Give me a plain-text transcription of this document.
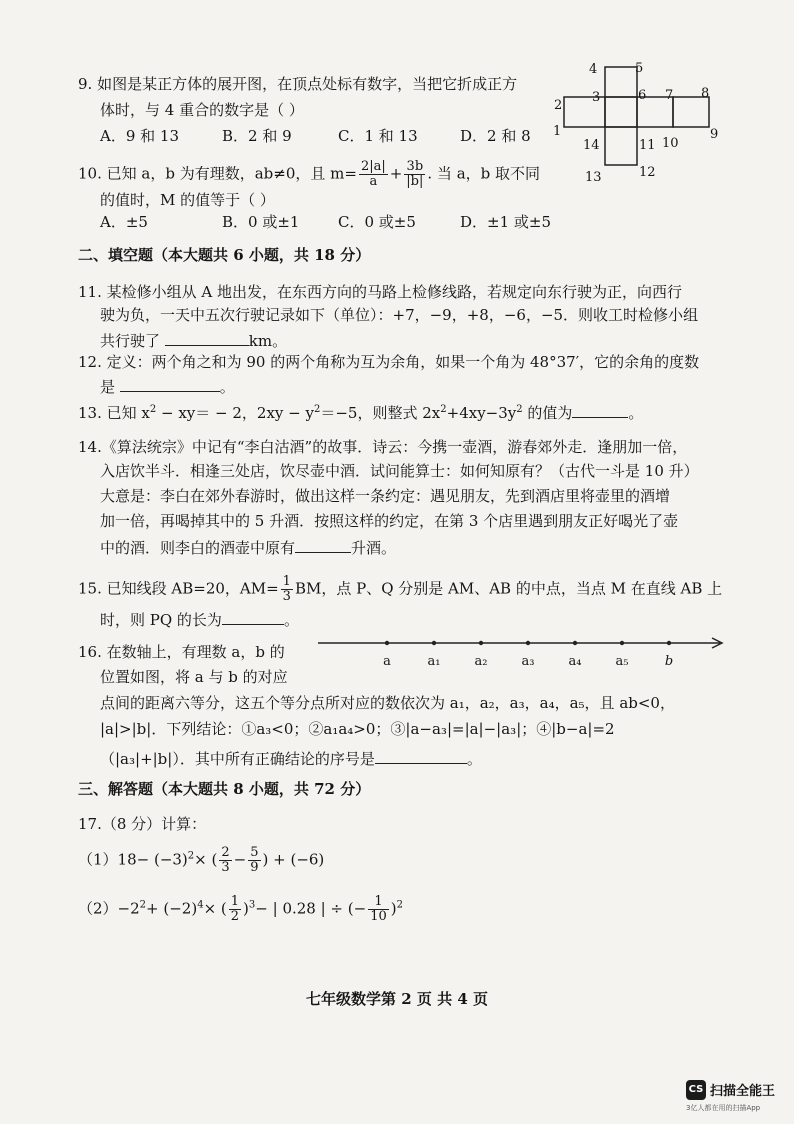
9. 如图是某正方体的展开图，在顶点处标有数字，当把它折成正方
体时，与 4 重合的数字是（ ）
A．9 和 13	B．2 和 9	C．1 和 13	D．2 和 8
4	5
2
3	6 7 8
1	9
14	11 10
13	12
10. 已知 a，b 为有理数，ab≠0，且 $m= \frac{2|a|}{a} + \frac{3b}{|b|}$ . 当 a，b 取不同
的值时，M 的值等于（ ）
A．±5	B．0 或±1	C．0 或±5	D．±1 或±5
二、填空题（本大题共 6 小题，共 18 分）
11. 某检修小组从 A 地出发，在东西方向的马路上检修线路，若规定向东行驶为正，向西行
驶为负，一天中五次行驶记录如下（单位）：+7，−9，+8，−6，−5．则收工时检修小组
共行驶了	km。
12. 定义：两个角之和为 90 的两个角称为互为余角，如果一个角为 48°37′，它的余角的度数
是	。
13. 已知 $x^2 - xy= - 2$，$2xy - y^2=-5$，则整式 $2x^2+4xy-3y^2$ 的值为	。
14.《算法统宗》中记有“李白沽酒”的故事．诗云：今携一壶酒，游春郊外走．逢朋加一倍，
入店饮半斗．相逢三处店，饮尽壶中酒．试问能算士：如何知原有？（古代一斗是 10 升）
大意是：李白在郊外春游时，做出这样一条约定：遇见朋友，先到酒店里将壶里的酒增
加一倍，再喝掉其中的 5 升酒．按照这样的约定，在第 3 个店里遇到朋友正好喝光了壶
中的酒．则李白的酒壶中原有	升酒。
15. 已知线段 AB=20，$AM= \frac{1}{3}$ BM，点 P、Q 分别是 AM、AB 的中点，当点 M 在直线 AB 上
时，则 PQ 的长为	。
16. 在数轴上，有理数 a，b 的
位置如图，将 a 与 b 的对应
a	a₁	a₂	a₃	a₄	a₅	b
点间的距离六等分，这五个等分点所对应的数依次为 a₁，a₂，a₃，a₄，a₅，且 ab<0，
|a|>|b|．下列结论：①a₃<0；②a₁a₄>0；③|a−a₃|=|a|−|a₃|；④|b−a|=2
（|a₃|+|b|）．其中所有正确结论的序号是	。
三、解答题（本大题共 8 小题，共 72 分）
17.（8 分）计算：
$(1)18- (-3)^2\times$ ( $\frac{2}{3} - \frac{5}{9}$ ) + (−6)
$(2)-2^2+ (-2)^4\times$ ( $\frac{1}{2} )^3-$ | 0.28 | ÷ (− $\frac{1}{10} )^2$
七年级数学第 2 页 共 4 页
CS 扫描全能王
3亿人都在用的扫描App
